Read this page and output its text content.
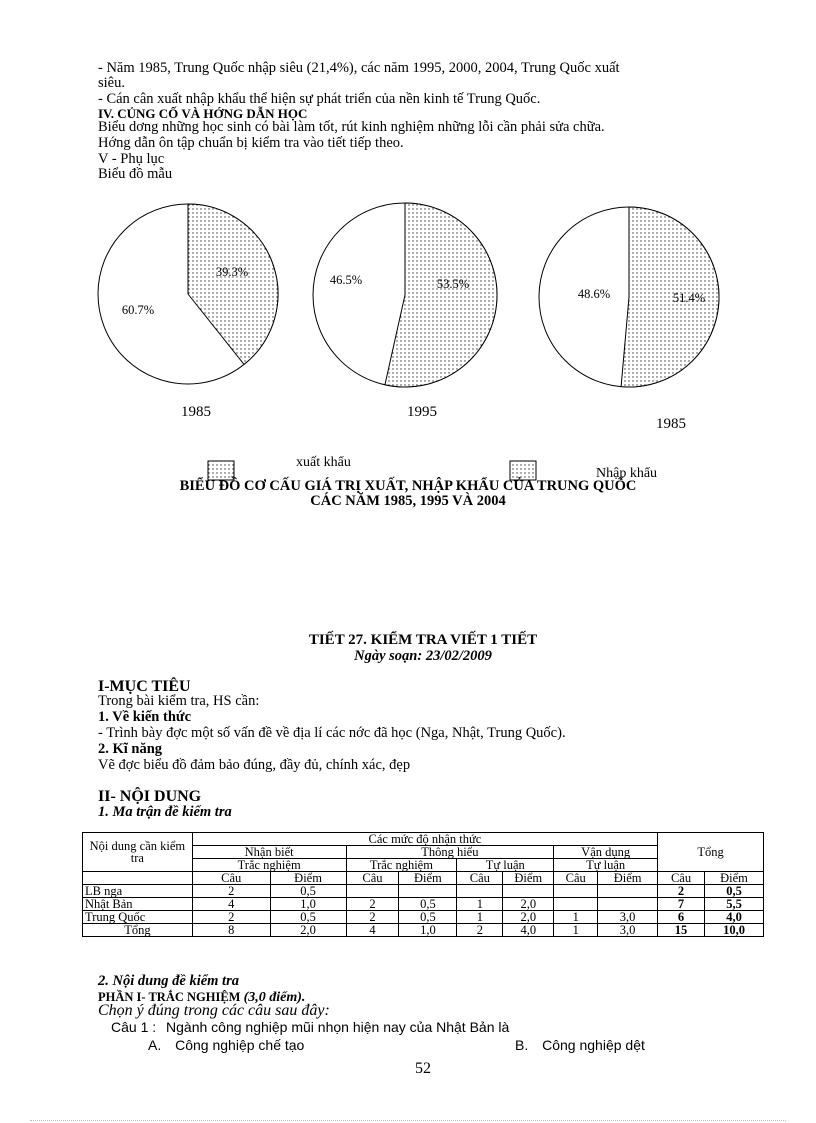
- Năm 1985, Trung Quốc nhập siêu (21,4%), các năm 1995, 2000, 2004, Trung Quốc xuất
siêu.
- Cán cân xuất nhập khẩu thể hiện sự phát triển của nền kinh tế Trung Quốc.
IV. CỦNG CỐ VÀ HỚNG DẪN HỌC
Biểu dơng những học sinh có bài làm tốt, rút kinh nghiệm những lỗi cần phải sửa chữa.
Hớng dẫn ôn tập chuẩn bị kiểm tra vào tiết tiếp theo.
V - Phụ lục
Biểu đồ mẫu
39.3%
60.7%
1985
53.5%
46.5%
1995
51.4%
48.6%
1985
xuất khẩu
Nhập khẩu
BIỂU ĐỒ CƠ CẤU GIÁ TRỊ XUẤT, NHẬP KHẨU CỦA TRUNG QUỐC
CÁC NĂM 1985, 1995 VÀ 2004
TIẾT 27. KIỂM TRA VIẾT 1 TIẾT
Ngày soạn: 23/02/2009
I-MỤC TIÊU
Trong bài kiểm tra, HS cần:
1. Về kiến thức
- Trình bày đợc một số vấn đề về địa lí các nớc đã học (Nga, Nhật, Trung Quốc).
2. Kĩ năng
Vẽ đợc biểu đồ đảm bảo đúng, đầy đủ, chính xác, đẹp
II- NỘI DUNG
1. Ma trận đề kiểm tra
Nội dung cần kiểm tra	Các mức độ nhận thức								Tổng	
	Nhận biết		Thông hiểu				Vận dụng			
	Trắc nghiệm		Trắc nghiệm		Tự luận		Tự luận			
	Câu	Điểm	Câu	Điểm	Câu	Điểm	Câu	Điểm	Câu	Điểm
LB nga	2	0,5							2	0,5
Nhật Bản	4	1,0	2	0,5	1	2,0			7	5,5
Trung Quốc	2	0,5	2	0,5	1	2,0	1	3,0	6	4,0
Tổng	8	2,0	4	1,0	2	4,0	1	3,0	15	10,0
2. Nội dung đề kiểm tra
PHẦN I- TRẮC NGHIỆM (3,0 điểm).
Chọn ý đúng trong các câu sau đây:
Câu 1 : Ngành công nghiệp mũi nhọn hiện nay của Nhật Bản là
A. Công nghiệp chế tạo	B. Công nghiệp dệt
52
